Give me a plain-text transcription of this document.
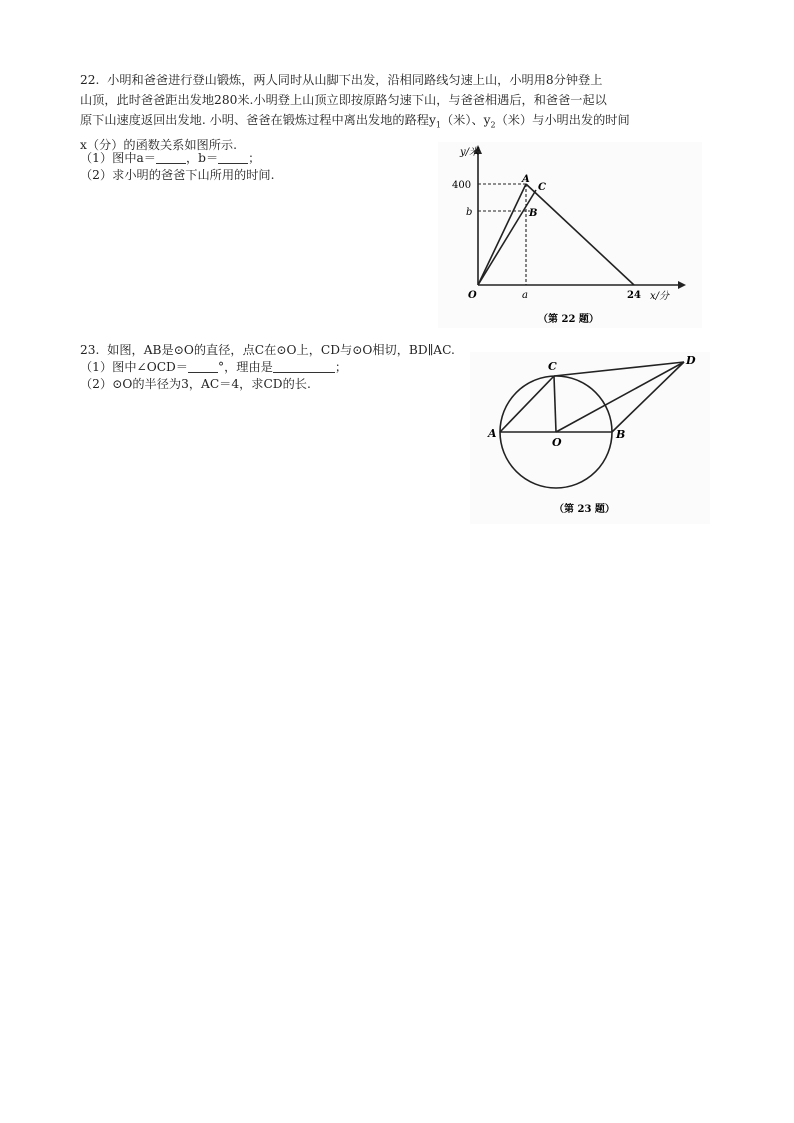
22. 小明和爸爸进行登山锻炼，两人同时从山脚下出发，沿相同路线匀速上山，小明用8分钟登上

山顶，此时爸爸距出发地280米.小明登上山顶立即按原路匀速下山，与爸爸相遇后，和爸爸一起以

原下山速度返回出发地. 小明、爸爸在锻炼过程中离出发地的路程$y_1$（米）、$y_2$（米）与小明出发的时间

x（分）的函数关系如图所示.

（1）图中a＝ ，b＝ ；
（2）求小明的爸爸下山所用的时间.
y/米
x/分
400
b
a	24
O
A
C
B
（第 22 题）
23. 如图，AB是⊙O的直径，点C在⊙O上，CD与⊙O相切，BD∥AC.
（1）图中∠OCD＝ °，理由是	；
（2）⊙O的半径为3，AC＝4，求CD的长.
A	B
C	D
O
（第 23 题）
